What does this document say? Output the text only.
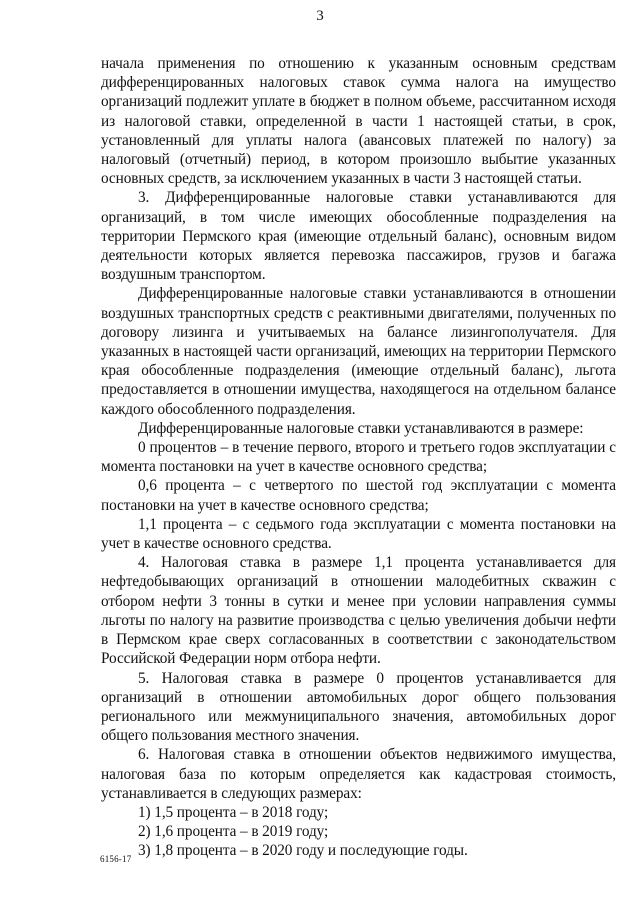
3

начала применения по отношению к указанным основным средствам дифференцированных налоговых ставок сумма налога на имущество организаций подлежит уплате в бюджет в полном объеме, рассчитанном исходя из налоговой ставки, определенной в части 1 настоящей статьи, в срок, установленный для уплаты налога (авансовых платежей по налогу) за налоговый (отчетный) период, в котором произошло выбытие указанных основных средств, за исключением указанных в части 3 настоящей статьи.

3. Дифференцированные налоговые ставки устанавливаются для организаций, в том числе имеющих обособленные подразделения на территории Пермского края (имеющие отдельный баланс), основным видом деятельности которых является перевозка пассажиров, грузов и багажа воздушным транспортом.

Дифференцированные налоговые ставки устанавливаются в отношении воздушных транспортных средств с реактивными двигателями, полученных по договору лизинга и учитываемых на балансе лизингополучателя. Для указанных в настоящей части организаций, имеющих на территории Пермского края обособленные подразделения (имеющие отдельный баланс), льгота предоставляется в отношении имущества, находящегося на отдельном балансе каждого обособленного подразделения.

Дифференцированные налоговые ставки устанавливаются в размере:

0 процентов – в течение первого, второго и третьего годов эксплуатации с момента постановки на учет в качестве основного средства;

0,6 процента – с четвертого по шестой год эксплуатации с момента постановки на учет в качестве основного средства;

1,1 процента – с седьмого года эксплуатации с момента постановки на учет в качестве основного средства.

4. Налоговая ставка в размере 1,1 процента устанавливается для нефтедобывающих организаций в отношении малодебитных скважин с отбором нефти 3 тонны в сутки и менее при условии направления суммы льготы по налогу на развитие производства с целью увеличения добычи нефти в Пермском крае сверх согласованных в соответствии с законодательством Российской Федерации норм отбора нефти.

5. Налоговая ставка в размере 0 процентов устанавливается для организаций в отношении автомобильных дорог общего пользования регионального или межмуниципального значения, автомобильных дорог общего пользования местного значения.

6. Налоговая ставка в отношении объектов недвижимого имущества, налоговая база по которым определяется как кадастровая стоимость, устанавливается в следующих размерах:

1) 1,5 процента – в 2018 году;

2) 1,6 процента – в 2019 году;

3) 1,8 процента – в 2020 году и последующие годы.

6156-17
